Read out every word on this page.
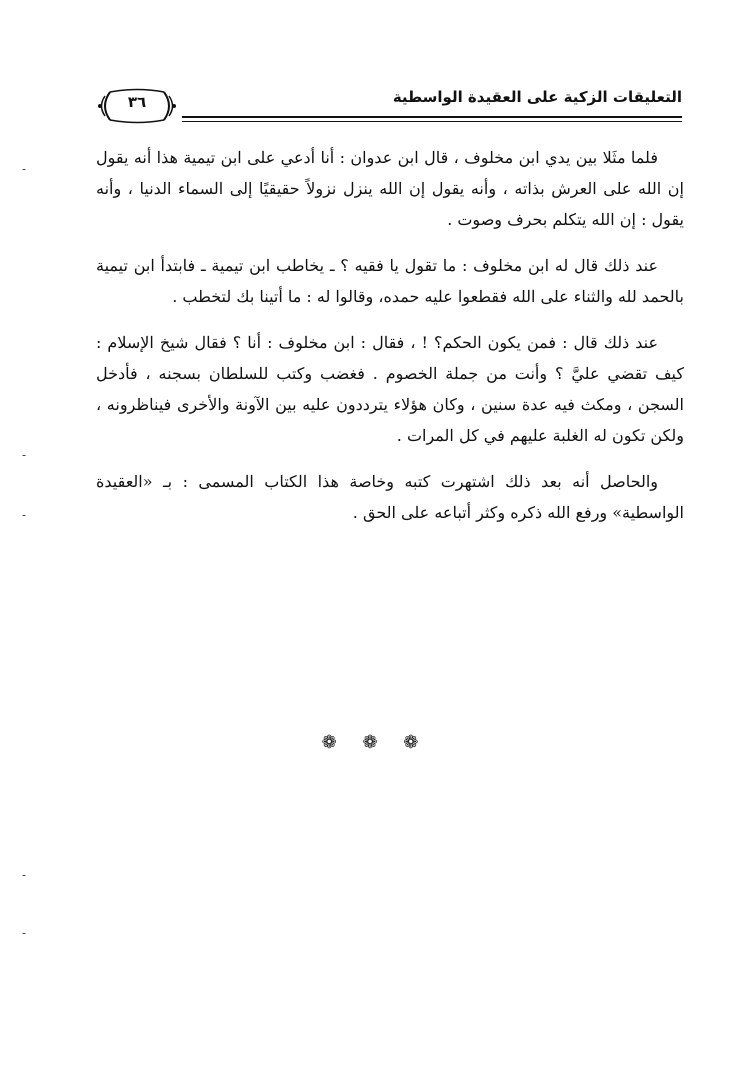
٣٦	التعليقات الزكية على العقيدة الواسطية

فلما مثَلا بين يدي ابن مخلوف ، قال ابن عدوان : أنا أدعي على ابن تيمية هذا أنه يقول إن الله على العرش بذاته ، وأنه يقول إن الله ينزل نزولاً حقيقيًا إلى السماء الدنيا ، وأنه يقول : إن الله يتكلم بحرف وصوت .

عند ذلك قال له ابن مخلوف : ما تقول يا فقيه ؟ ـ يخاطب ابن تيمية ـ فابتدأ ابن تيمية بالحمد لله والثناء على الله فقطعوا عليه حمده، وقالوا له : ما أتينا بك لتخطب .

عند ذلك قال : فمن يكون الحكم؟ ! ، فقال : ابن مخلوف : أنا ؟ فقال شيخ الإسلام : كيف تقضي عليَّ ؟ وأنت من جملة الخصوم . فغضب وكتب للسلطان بسجنه ، فأدخل السجن ، ومكث فيه عدة سنين ، وكان هؤلاء يترددون عليه بين الآونة والأخرى فيناظرونه ، ولكن تكون له الغلبة عليهم في كل المرات .

والحاصل أنه بعد ذلك اشتهرت كتبه وخاصة هذا الكتاب المسمى : بـ «العقيدة الواسطية» ورفع الله ذكره وكثر أتباعه على الحق .

❁ ❁ ❁
-
-
-
-
-
